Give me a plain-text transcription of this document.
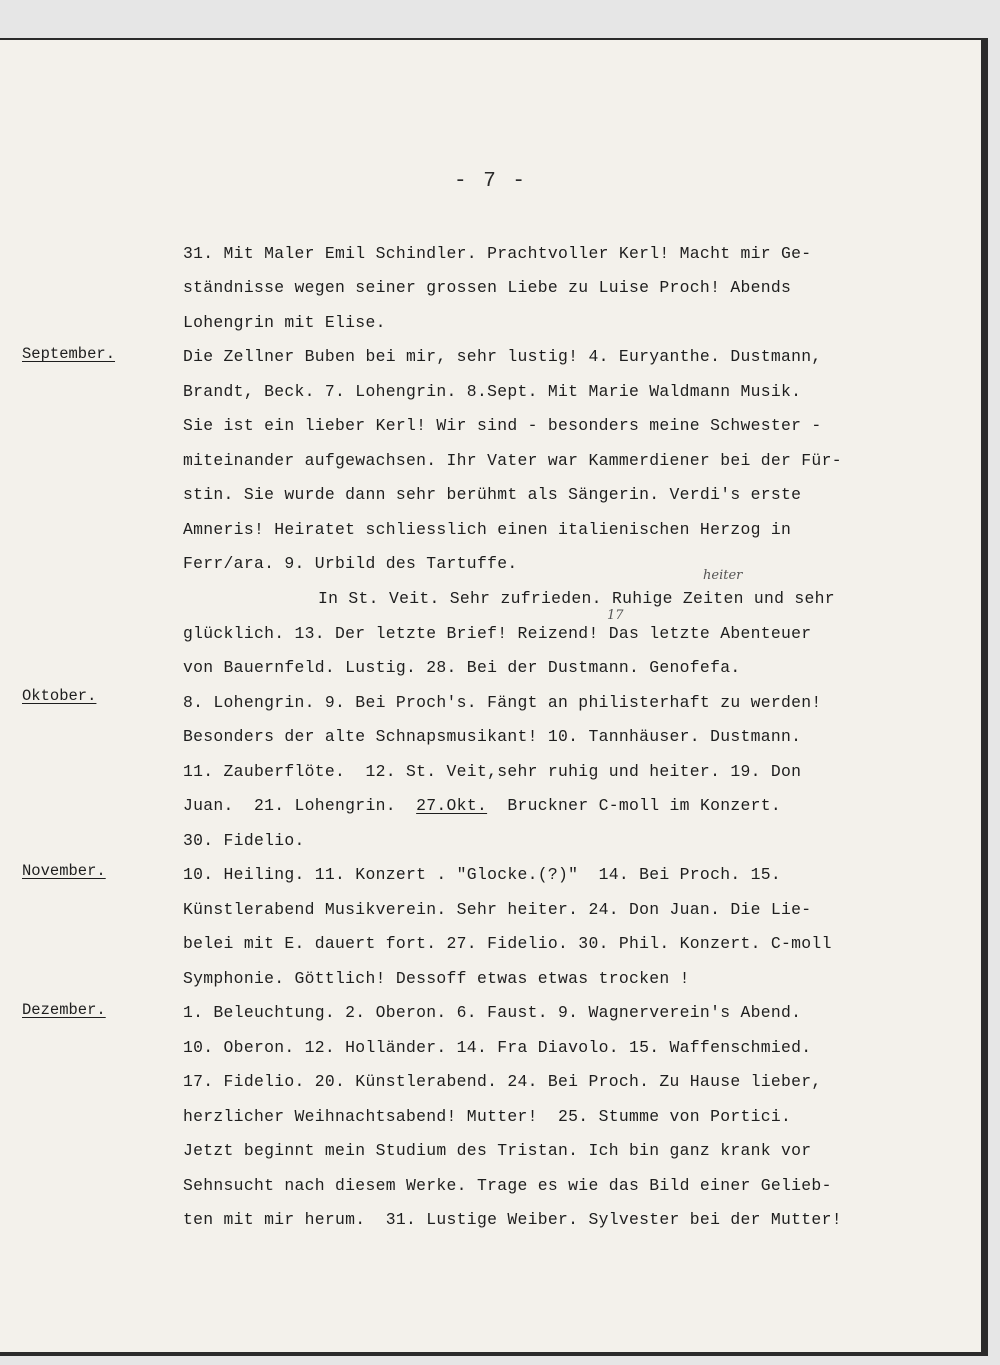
- 7 -
September.
Oktober.
November.
Dezember.
31. Mit Maler Emil Schindler. Prachtvoller Kerl! Macht mir Ge-
ständnisse wegen seiner grossen Liebe zu Luise Proch! Abends
Lohengrin mit Elise.
Die Zellner Buben bei mir, sehr lustig! 4. Euryanthe. Dustmann,
Brandt, Beck. 7. Lohengrin. 8.Sept. Mit Marie Waldmann Musik.
Sie ist ein lieber Kerl! Wir sind - besonders meine Schwester -
miteinander aufgewachsen. Ihr Vater war Kammerdiener bei der Für-
stin. Sie wurde dann sehr berühmt als Sängerin. Verdi's erste
Amneris! Heiratet schliesslich einen italienischen Herzog in
Ferr/ara. 9. Urbild des Tartuffe.
heiter
In St. Veit. Sehr zufrieden. Ruhige Zeiten und sehr
17
glücklich. 13. Der letzte Brief! Reizend! Das letzte Abenteuer
von Bauernfeld. Lustig. 28. Bei der Dustmann. Genofefa.
8. Lohengrin. 9. Bei Proch's. Fängt an philisterhaft zu werden!
Besonders der alte Schnapsmusikant! 10. Tannhäuser. Dustmann.
11. Zauberflöte.  12. St. Veit,sehr ruhig und heiter. 19. Don
Juan.  21. Lohengrin.  27.Okt.  Bruckner C-moll im Konzert.
30. Fidelio.
10. Heiling. 11. Konzert . "Glocke.(?)"  14. Bei Proch. 15.
Künstlerabend Musikverein. Sehr heiter. 24. Don Juan. Die Lie-
belei mit E. dauert fort. 27. Fidelio. 30. Phil. Konzert. C-moll
Symphonie. Göttlich! Dessoff etwas etwas trocken !
1. Beleuchtung. 2. Oberon. 6. Faust. 9. Wagnerverein's Abend.
10. Oberon. 12. Holländer. 14. Fra Diavolo. 15. Waffenschmied.
17. Fidelio. 20. Künstlerabend. 24. Bei Proch. Zu Hause lieber,
herzlicher Weihnachtsabend! Mutter!  25. Stumme von Portici.
Jetzt beginnt mein Studium des Tristan. Ich bin ganz krank vor
Sehnsucht nach diesem Werke. Trage es wie das Bild einer Gelieb-
ten mit mir herum.  31. Lustige Weiber. Sylvester bei der Mutter!
